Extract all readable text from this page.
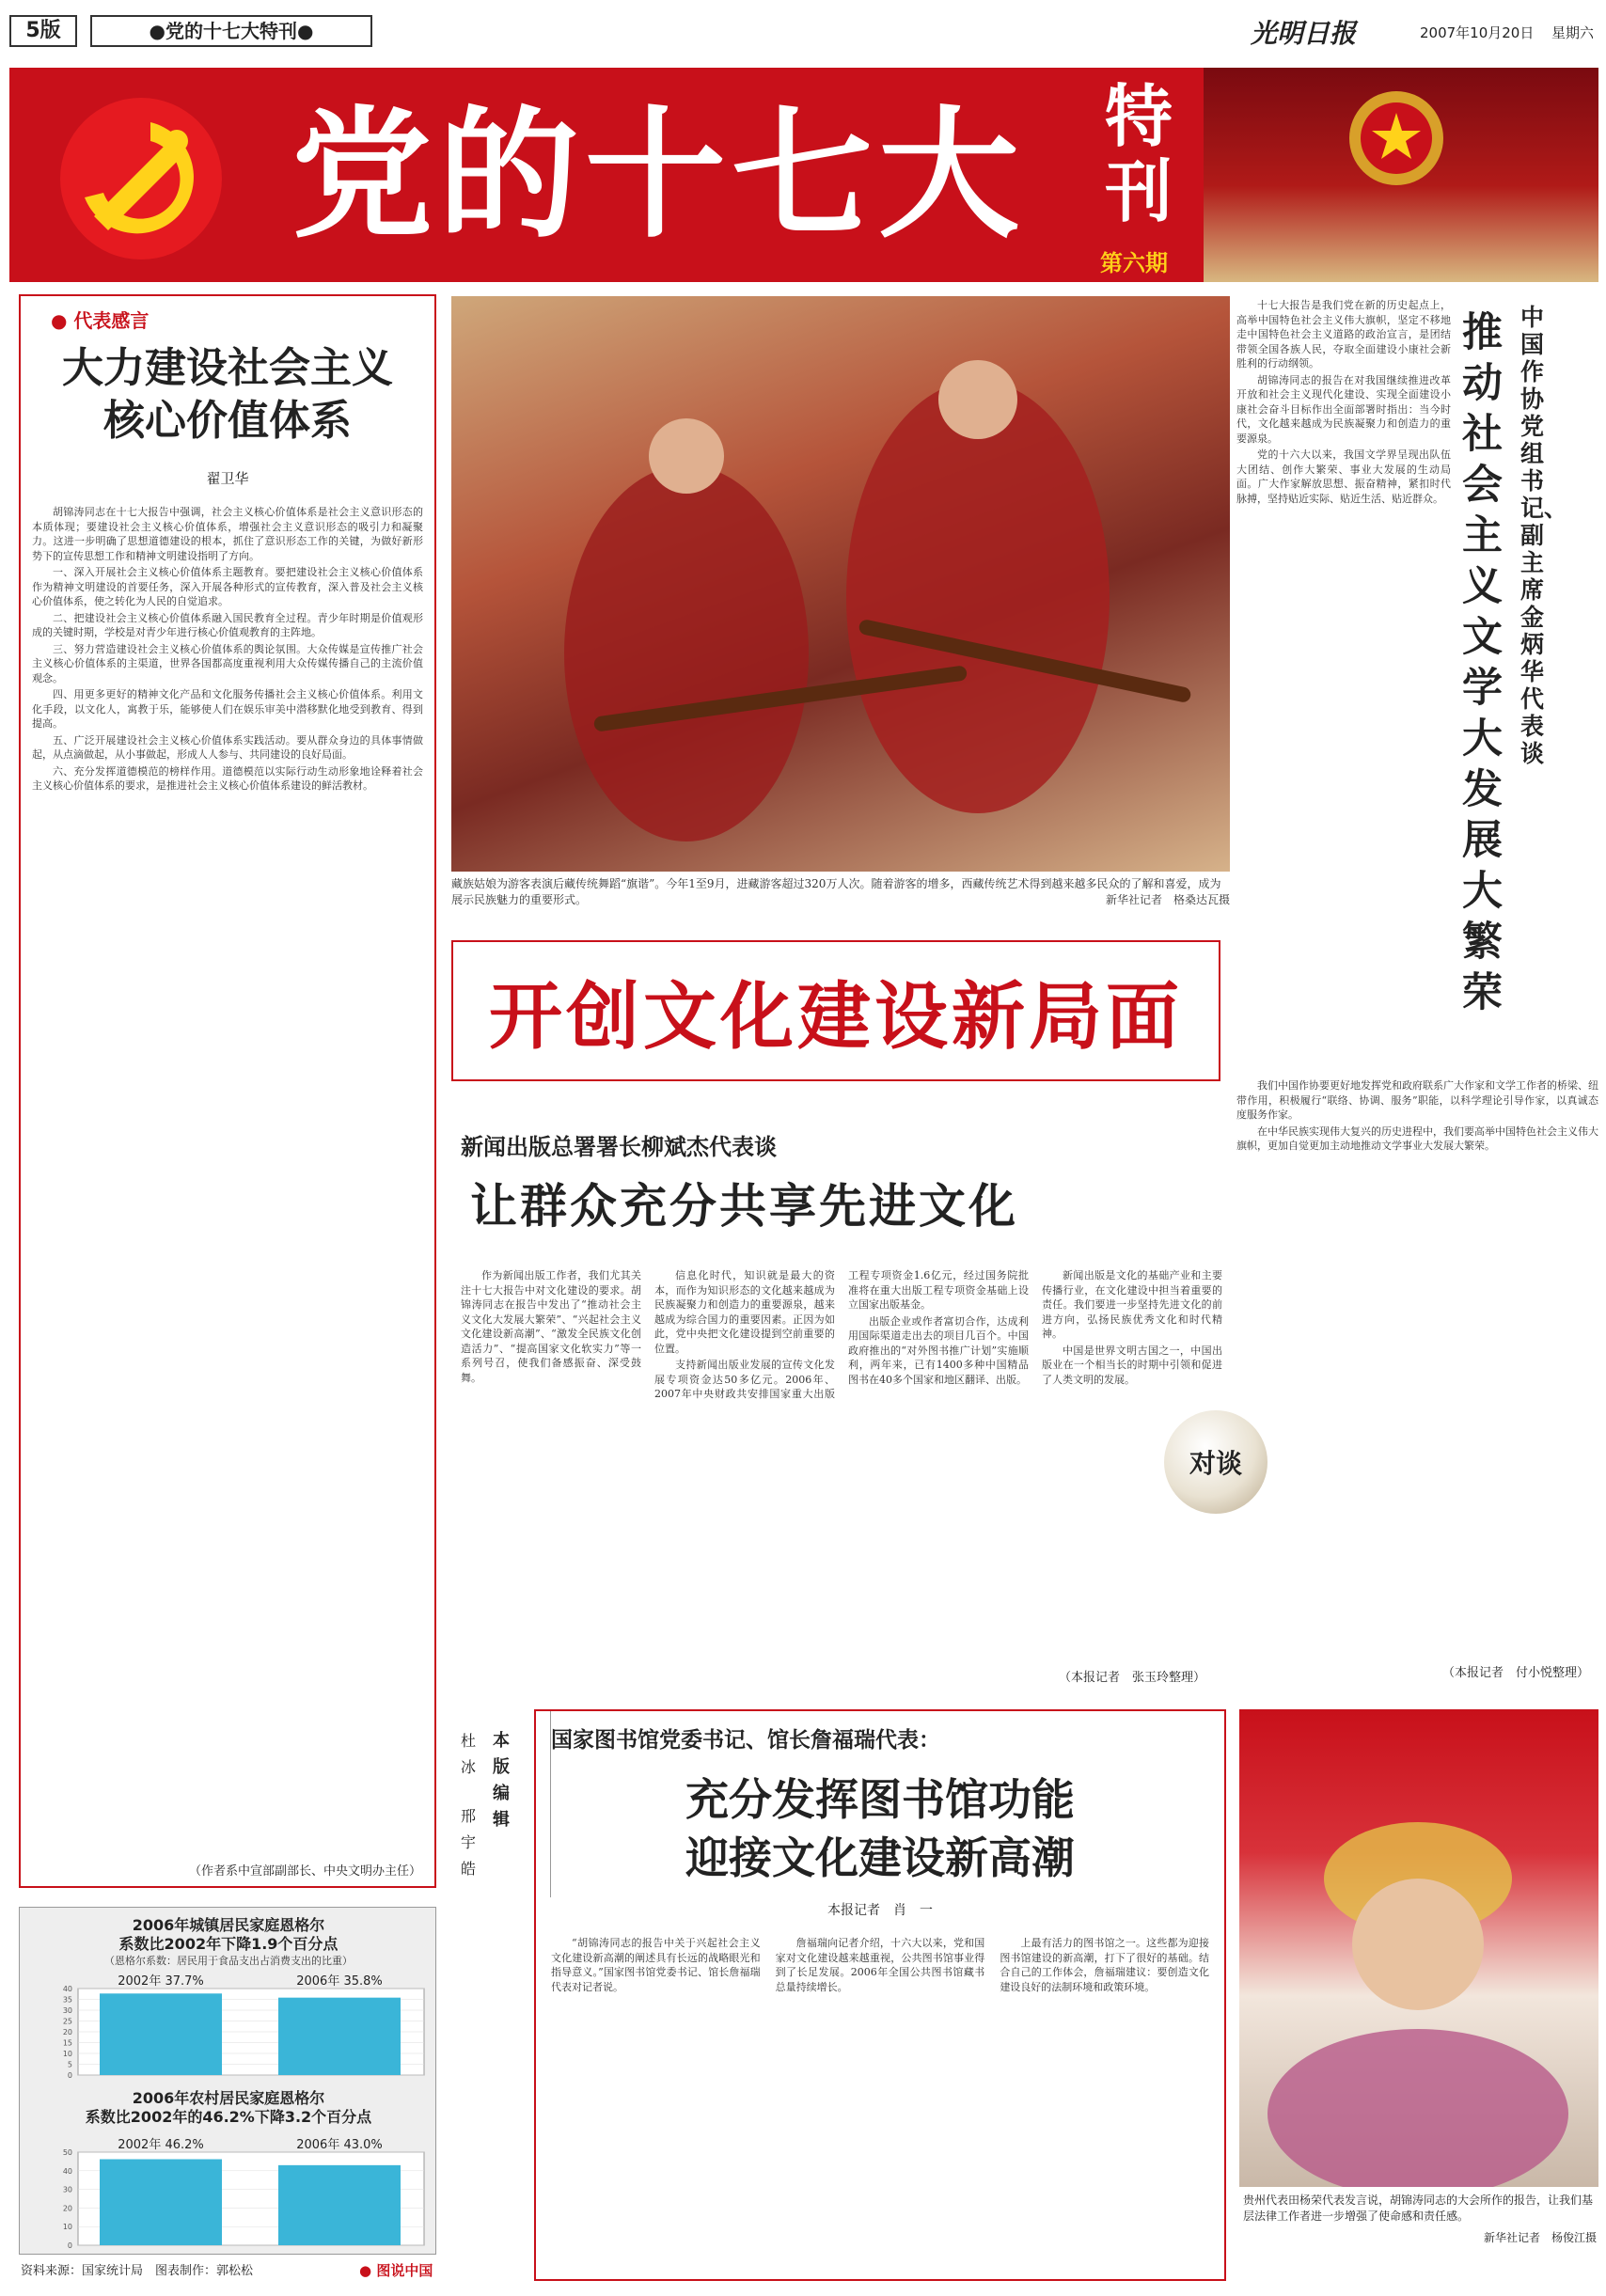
5版	●党的十七大特刊●	光明日报	2007年10月20日 星期六
党的十七大 特刊
第六期
● 代表感言
大力建设社会主义
核心价值体系
翟卫华

胡锦涛同志在十七大报告中强调，社会主义核心价值体系是社会主义意识形态的本质体现；要建设社会主义核心价值体系，增强社会主义意识形态的吸引力和凝聚力。这进一步明确了思想道德建设的根本，抓住了意识形态工作的关键，为做好新形势下的宣传思想工作和精神文明建设指明了方向。

一、深入开展社会主义核心价值体系主题教育。要把建设社会主义核心价值体系作为精神文明建设的首要任务，深入开展各种形式的宣传教育，深入普及社会主义核心价值体系，使之转化为人民的自觉追求。

二、把建设社会主义核心价值体系融入国民教育全过程。青少年时期是价值观形成的关键时期，学校是对青少年进行核心价值观教育的主阵地。

三、努力营造建设社会主义核心价值体系的舆论氛围。大众传媒是宣传推广社会主义核心价值体系的主渠道，世界各国都高度重视利用大众传媒传播自己的主流价值观念。

四、用更多更好的精神文化产品和文化服务传播社会主义核心价值体系。利用文化手段，以文化人，寓教于乐，能够使人们在娱乐审美中潜移默化地受到教育、得到提高。

五、广泛开展建设社会主义核心价值体系实践活动。要从群众身边的具体事情做起，从点滴做起，从小事做起，形成人人参与、共同建设的良好局面。

六、充分发挥道德模范的榜样作用。道德模范以实际行动生动形象地诠释着社会主义核心价值体系的要求，是推进社会主义核心价值体系建设的鲜活教材。

（作者系中宣部副部长、中央文明办主任）
藏族姑娘为游客表演后藏传统舞蹈“旗谐”。今年1至9月，进藏游客超过320万人次。随着游客的增多，西藏传统艺术得到越来越多民众的了解和喜爱，成为展示民族魅力的重要形式。	新华社记者　格桑达瓦摄
开创文化建设新局面
新闻出版总署署长柳斌杰代表谈
让群众充分共享先进文化

作为新闻出版工作者，我们尤其关注十七大报告中对文化建设的要求。胡锦涛同志在报告中发出了“推动社会主义文化大发展大繁荣”、“兴起社会主义文化建设新高潮”、“激发全民族文化创造活力”、“提高国家文化软实力”等一系列号召，使我们备感振奋、深受鼓舞。

信息化时代，知识就是最大的资本，而作为知识形态的文化越来越成为民族凝聚力和创造力的重要源泉，越来越成为综合国力的重要因素。正因为如此，党中央把文化建设提到空前重要的位置。

支持新闻出版业发展的宣传文化发展专项资金达50多亿元。2006年、2007年中央财政共安排国家重大出版工程专项资金1.6亿元，经过国务院批准将在重大出版工程专项资金基础上设立国家出版基金。

出版企业或作者富切合作，达成利用国际渠道走出去的项目几百个。中国政府推出的“对外图书推广计划”实施顺利，两年来，已有1400多种中国精品图书在40多个国家和地区翻译、出版。

新闻出版是文化的基础产业和主要传播行业，在文化建设中担当着重要的责任。我们要进一步坚持先进文化的前进方向，弘扬民族优秀文化和时代精神。

中国是世界文明古国之一，中国出版业在一个相当长的时期中引领和促进了人类文明的发展。

（本报记者　张玉玲整理）
对谈
中国作协党组书记、副主席金炳华代表谈
推动社会主义文学大发展大繁荣

十七大报告是我们党在新的历史起点上，高举中国特色社会主义伟大旗帜，坚定不移地走中国特色社会主义道路的政治宣言，是团结带领全国各族人民，夺取全面建设小康社会新胜利的行动纲领。

胡锦涛同志的报告在对我国继续推进改革开放和社会主义现代化建设、实现全面建设小康社会奋斗目标作出全面部署时指出：当今时代，文化越来越成为民族凝聚力和创造力的重要源泉。

党的十六大以来，我国文学界呈现出队伍大团结、创作大繁荣、事业大发展的生动局面。广大作家解放思想、振奋精神，紧扣时代脉搏，坚持贴近实际、贴近生活、贴近群众。

我们中国作协要更好地发挥党和政府联系广大作家和文学工作者的桥梁、纽带作用，积极履行“联络、协调、服务”职能，以科学理论引导作家，以真诚态度服务作家。

在中华民族实现伟大复兴的历史进程中，我们要高举中国特色社会主义伟大旗帜，更加自觉更加主动地推动文学事业大发展大繁荣。

（本报记者　付小悦整理）
杜冰
本版编辑
邢宇皓
国家图书馆党委书记、馆长詹福瑞代表：
充分发挥图书馆功能
迎接文化建设新高潮
本报记者　肖　一

“胡锦涛同志的报告中关于兴起社会主义文化建设新高潮的阐述具有长远的战略眼光和指导意义。”国家图书馆党委书记、馆长詹福瑞代表对记者说。

詹福瑞向记者介绍，十六大以来，党和国家对文化建设越来越重视，公共图书馆事业得到了长足发展。2006年全国公共图书馆藏书总量持续增长。

上最有活力的图书馆之一。这些都为迎接图书馆建设的新高潮，打下了很好的基础。结合自己的工作体会，詹福瑞建议：要创造文化建设良好的法制环境和政策环境。

贵州代表田杨荣代表发言说，胡锦涛同志的大会所作的报告，让我们基层法律工作者进一步增强了使命感和责任感。
新华社记者　杨俊江摄
2006年城镇居民家庭恩格尔
系数比2002年下降1.9个百分点
（恩格尔系数：居民用于食品支出占消费支出的比重）
40
35
30
25
20
15
10
5
0
2002年 37.7%	2006年 35.8%
2006年农村居民家庭恩格尔
系数比2002年的46.2%下降3.2个百分点
50
40
30
20
10
0
2002年 46.2%	2006年 43.0%
资料来源：国家统计局　图表制作：郭松松	● 图说中国
